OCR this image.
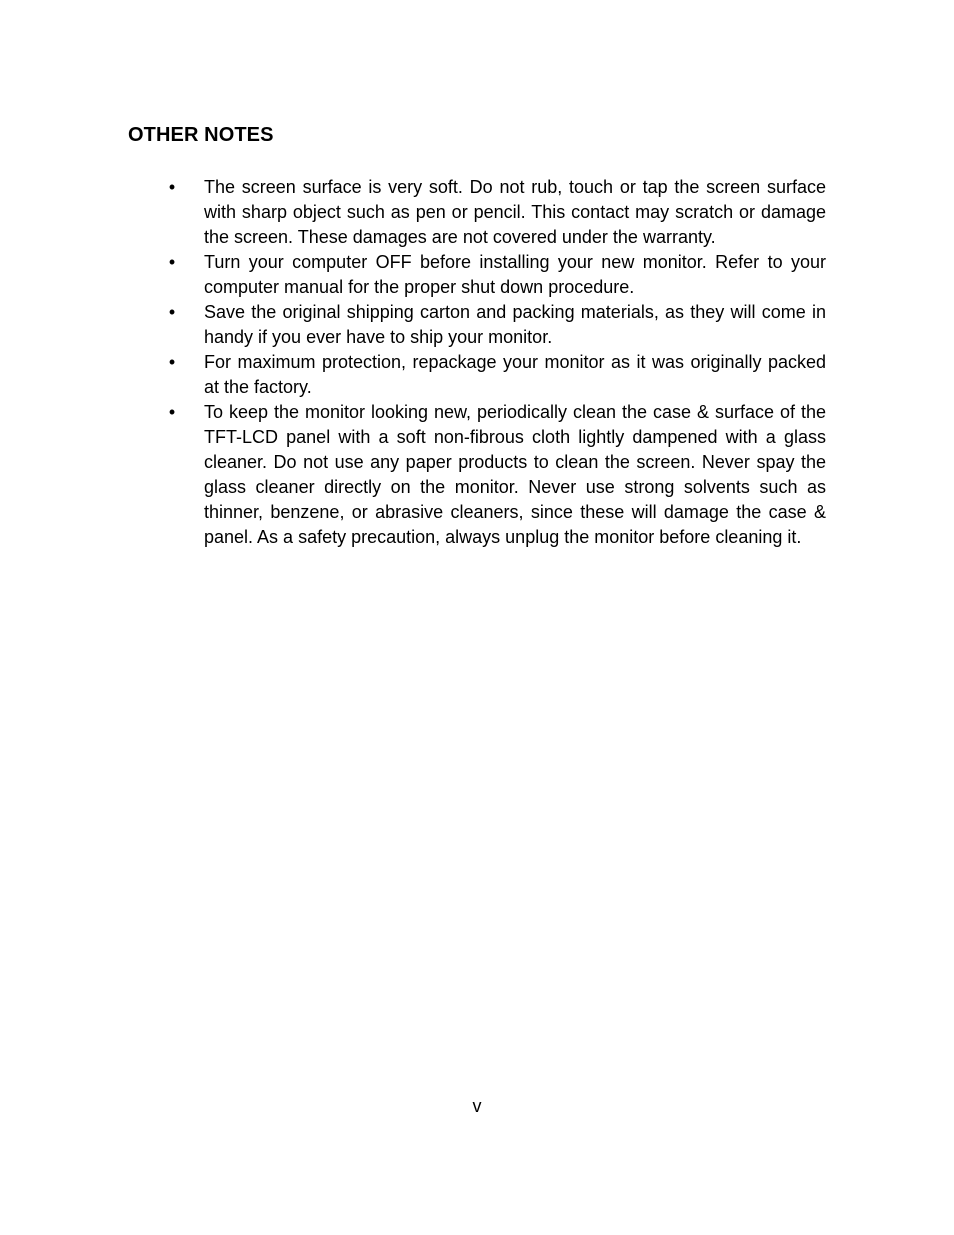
OTHER NOTES
• The screen surface is very soft. Do not rub, touch or tap the screen surface with sharp object such as pen or pencil. This contact may scratch or damage the screen. These damages are not covered under the warranty.
• Turn your computer OFF before installing your new monitor. Refer to your computer manual for the proper shut down procedure.
• Save the original shipping carton and packing materials, as they will come in handy if you ever have to ship your monitor.
• For maximum protection, repackage your monitor as it was originally packed at the factory.
• To keep the monitor looking new, periodically clean the case & surface of the TFT-LCD panel with a soft non-fibrous cloth lightly dampened with a glass cleaner. Do not use any paper products to clean the screen. Never spay the glass cleaner directly on the monitor. Never use strong solvents such as thinner, benzene, or abrasive cleaners, since these will damage the case & panel. As a safety precaution, always unplug the monitor before cleaning it.
v
